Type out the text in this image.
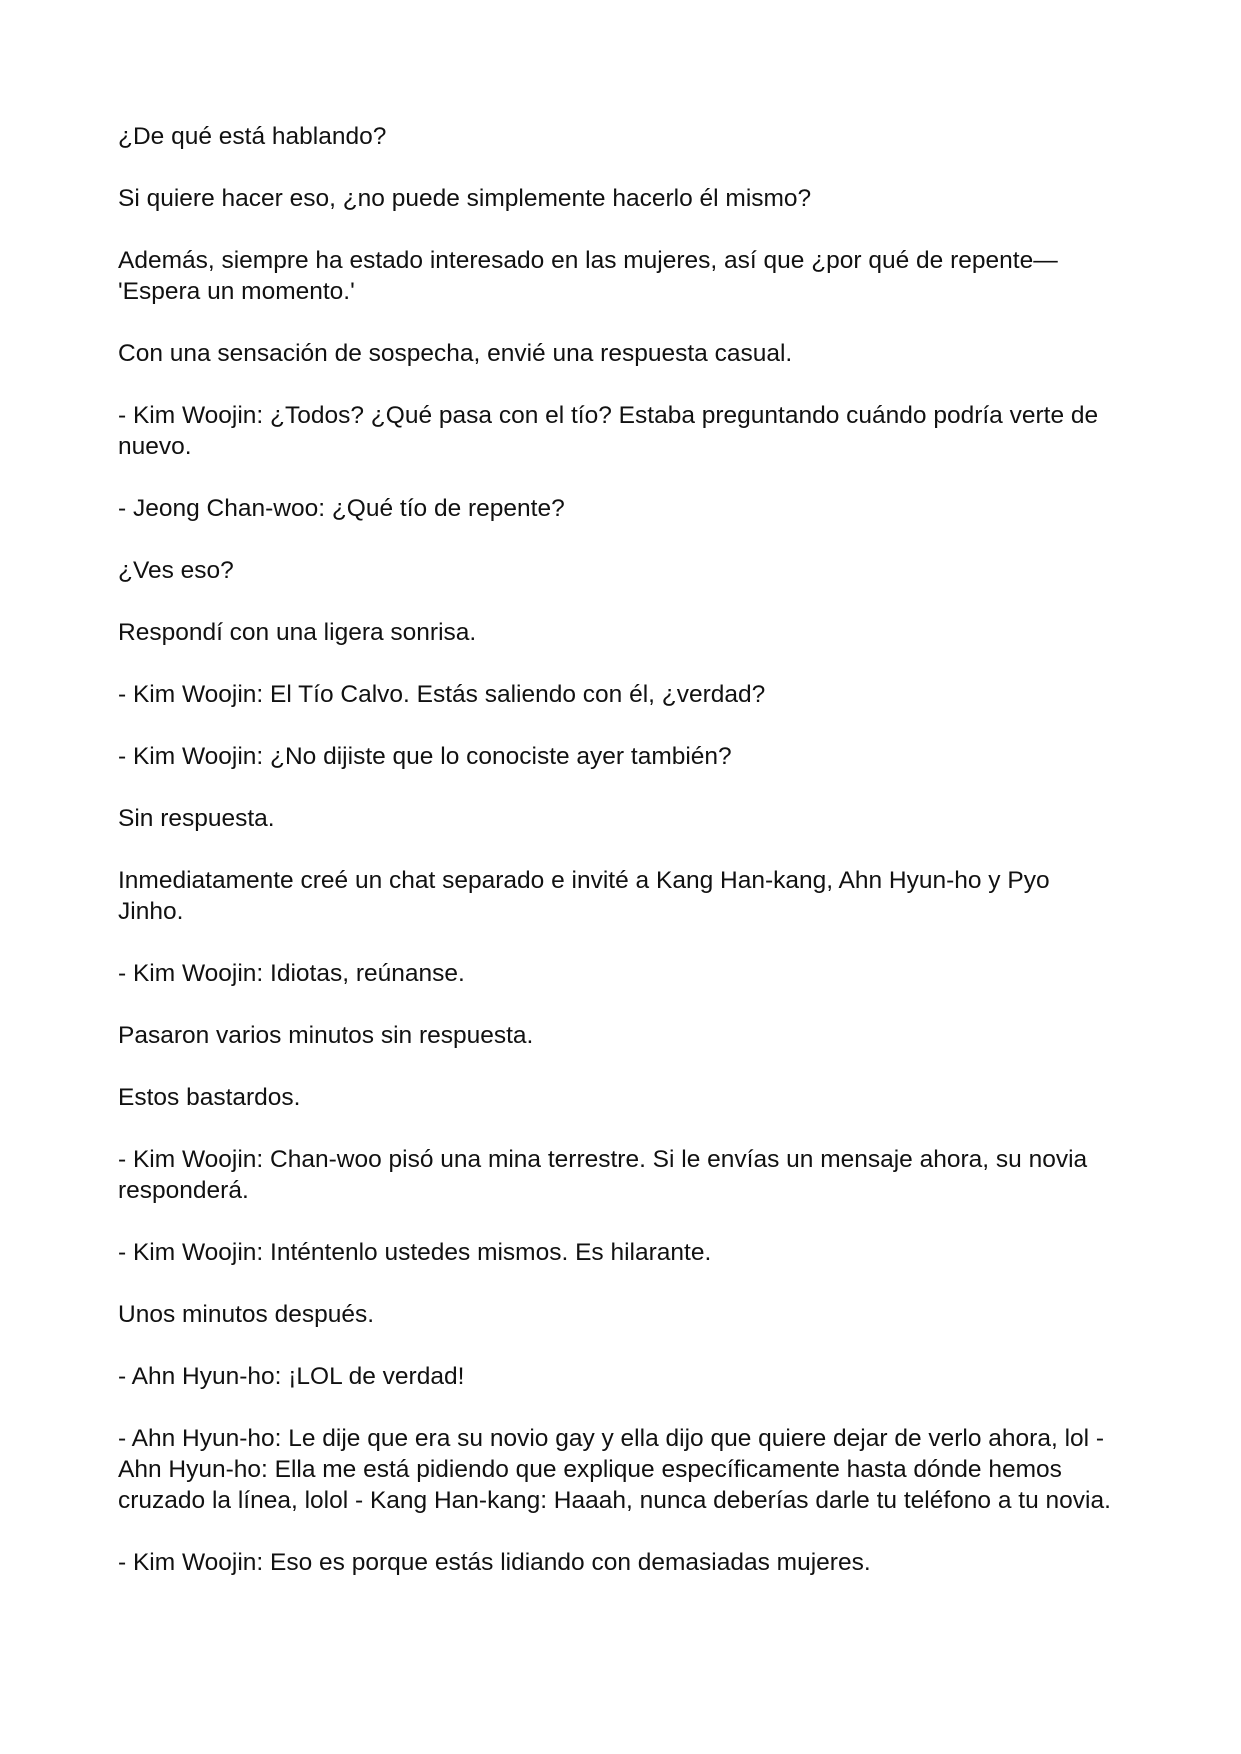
¿De qué está hablando?

Si quiere hacer eso, ¿no puede simplemente hacerlo él mismo?

Además, siempre ha estado interesado en las mujeres, así que ¿por qué de repente— 'Espera un momento.'

Con una sensación de sospecha, envié una respuesta casual.

- Kim Woojin: ¿Todos? ¿Qué pasa con el tío? Estaba preguntando cuándo podría verte de nuevo.

- Jeong Chan-woo: ¿Qué tío de repente?

¿Ves eso?

Respondí con una ligera sonrisa.

- Kim Woojin: El Tío Calvo. Estás saliendo con él, ¿verdad?

- Kim Woojin: ¿No dijiste que lo conociste ayer también?

Sin respuesta.

Inmediatamente creé un chat separado e invité a Kang Han-kang, Ahn Hyun-ho y Pyo Jinho.

- Kim Woojin: Idiotas, reúnanse.

Pasaron varios minutos sin respuesta.

Estos bastardos.

- Kim Woojin: Chan-woo pisó una mina terrestre. Si le envías un mensaje ahora, su novia responderá.

- Kim Woojin: Inténtenlo ustedes mismos. Es hilarante.

Unos minutos después.

- Ahn Hyun-ho: ¡LOL de verdad!

- Ahn Hyun-ho: Le dije que era su novio gay y ella dijo que quiere dejar de verlo ahora, lol - Ahn Hyun-ho: Ella me está pidiendo que explique específicamente hasta dónde hemos cruzado la línea, lolol - Kang Han-kang: Haaah, nunca deberías darle tu teléfono a tu novia.

- Kim Woojin: Eso es porque estás lidiando con demasiadas mujeres.
